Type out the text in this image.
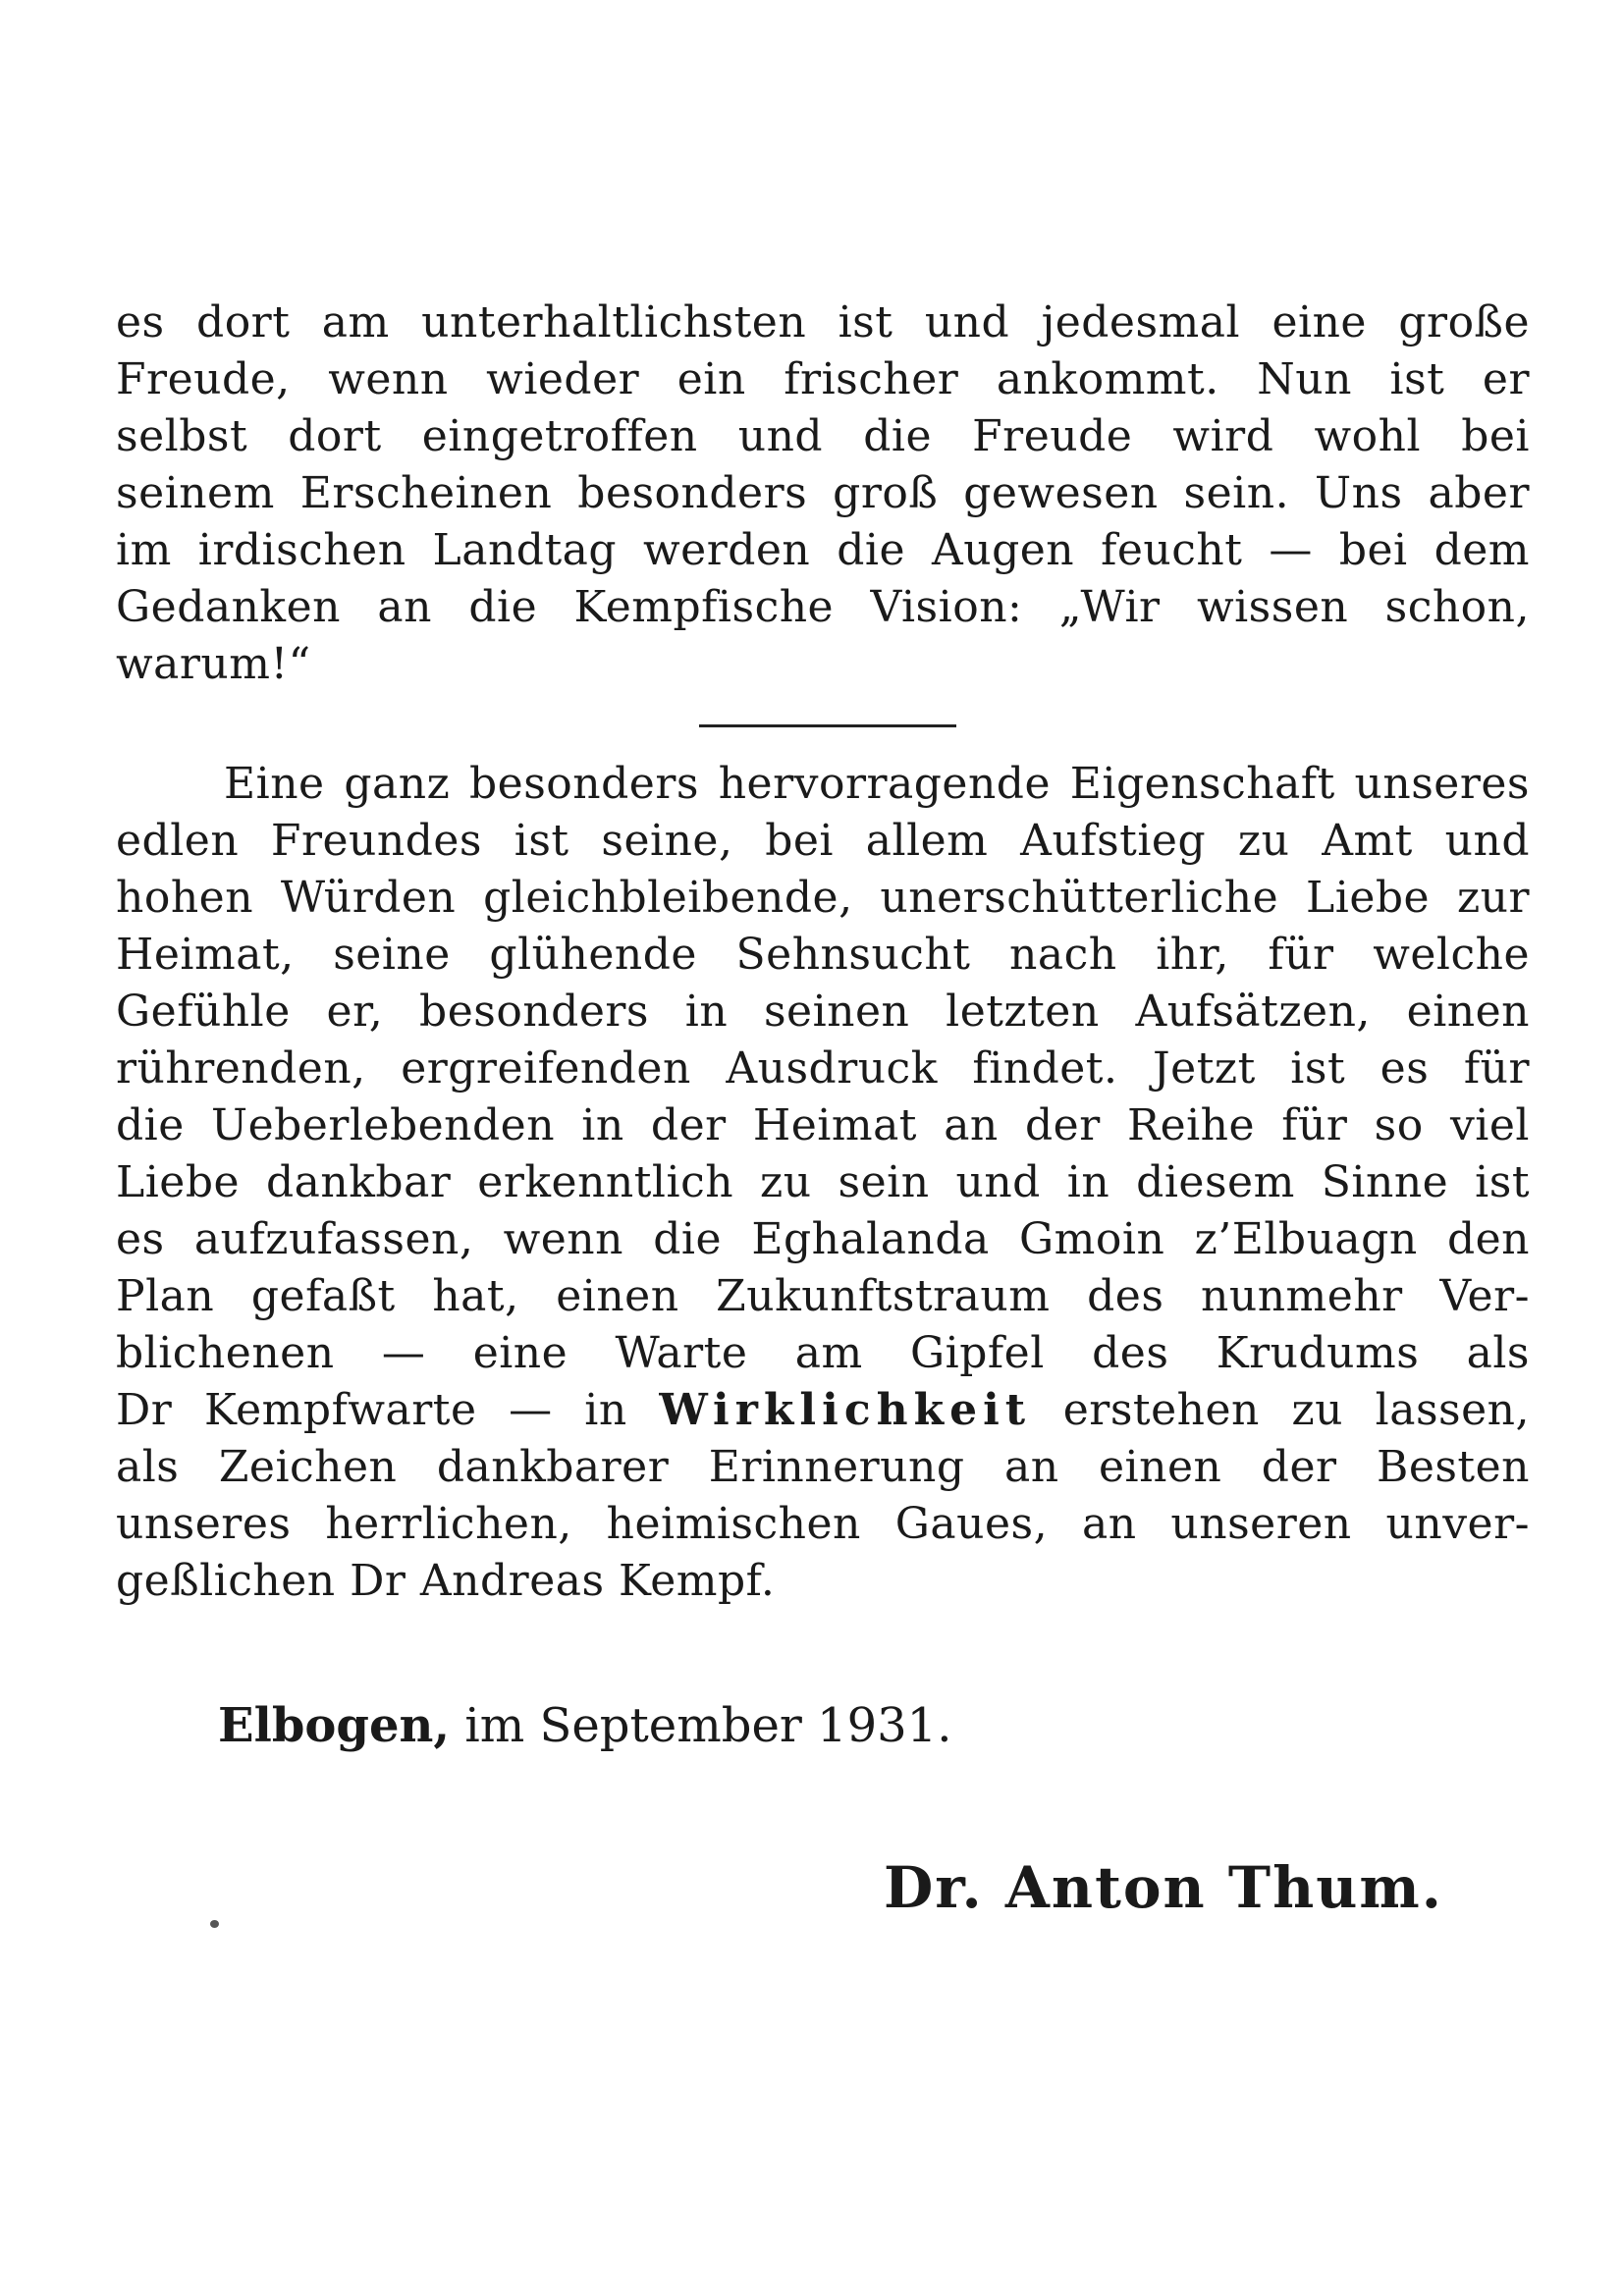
es dort am unterhaltlichsten ist und jedesmal eine große
Freude, wenn wieder ein frischer ankommt. Nun ist er
selbst dort eingetroffen und die Freude wird wohl bei
seinem Erscheinen besonders groß gewesen sein. Uns aber
im irdischen Landtag werden die Augen feucht — bei dem
Gedanken an die Kempfische Vision: „Wir wissen schon,
warum!“
Eine ganz besonders hervorragende Eigenschaft unseres
edlen Freundes ist seine, bei allem Aufstieg zu Amt und
hohen Würden gleichbleibende, unerschütterliche Liebe zur
Heimat, seine glühende Sehnsucht nach ihr, für welche
Gefühle er, besonders in seinen letzten Aufsätzen, einen
rührenden, ergreifenden Ausdruck findet. Jetzt ist es für
die Ueberlebenden in der Heimat an der Reihe für so viel
Liebe dankbar erkenntlich zu sein und in diesem Sinne ist
es aufzufassen, wenn die Eghalanda Gmoin z’Elbuagn den
Plan gefaßt hat, einen Zukunftstraum des nunmehr Ver-
blichenen — eine Warte am Gipfel des Krudums als
Dr Kempfwarte — in Wirklichkeit erstehen zu lassen,
als Zeichen dankbarer Erinnerung an einen der Besten
unseres herrlichen, heimischen Gaues, an unseren unver-
geßlichen Dr Andreas Kempf.
Elbogen, im September 1931.
Dr. Anton Thum.
